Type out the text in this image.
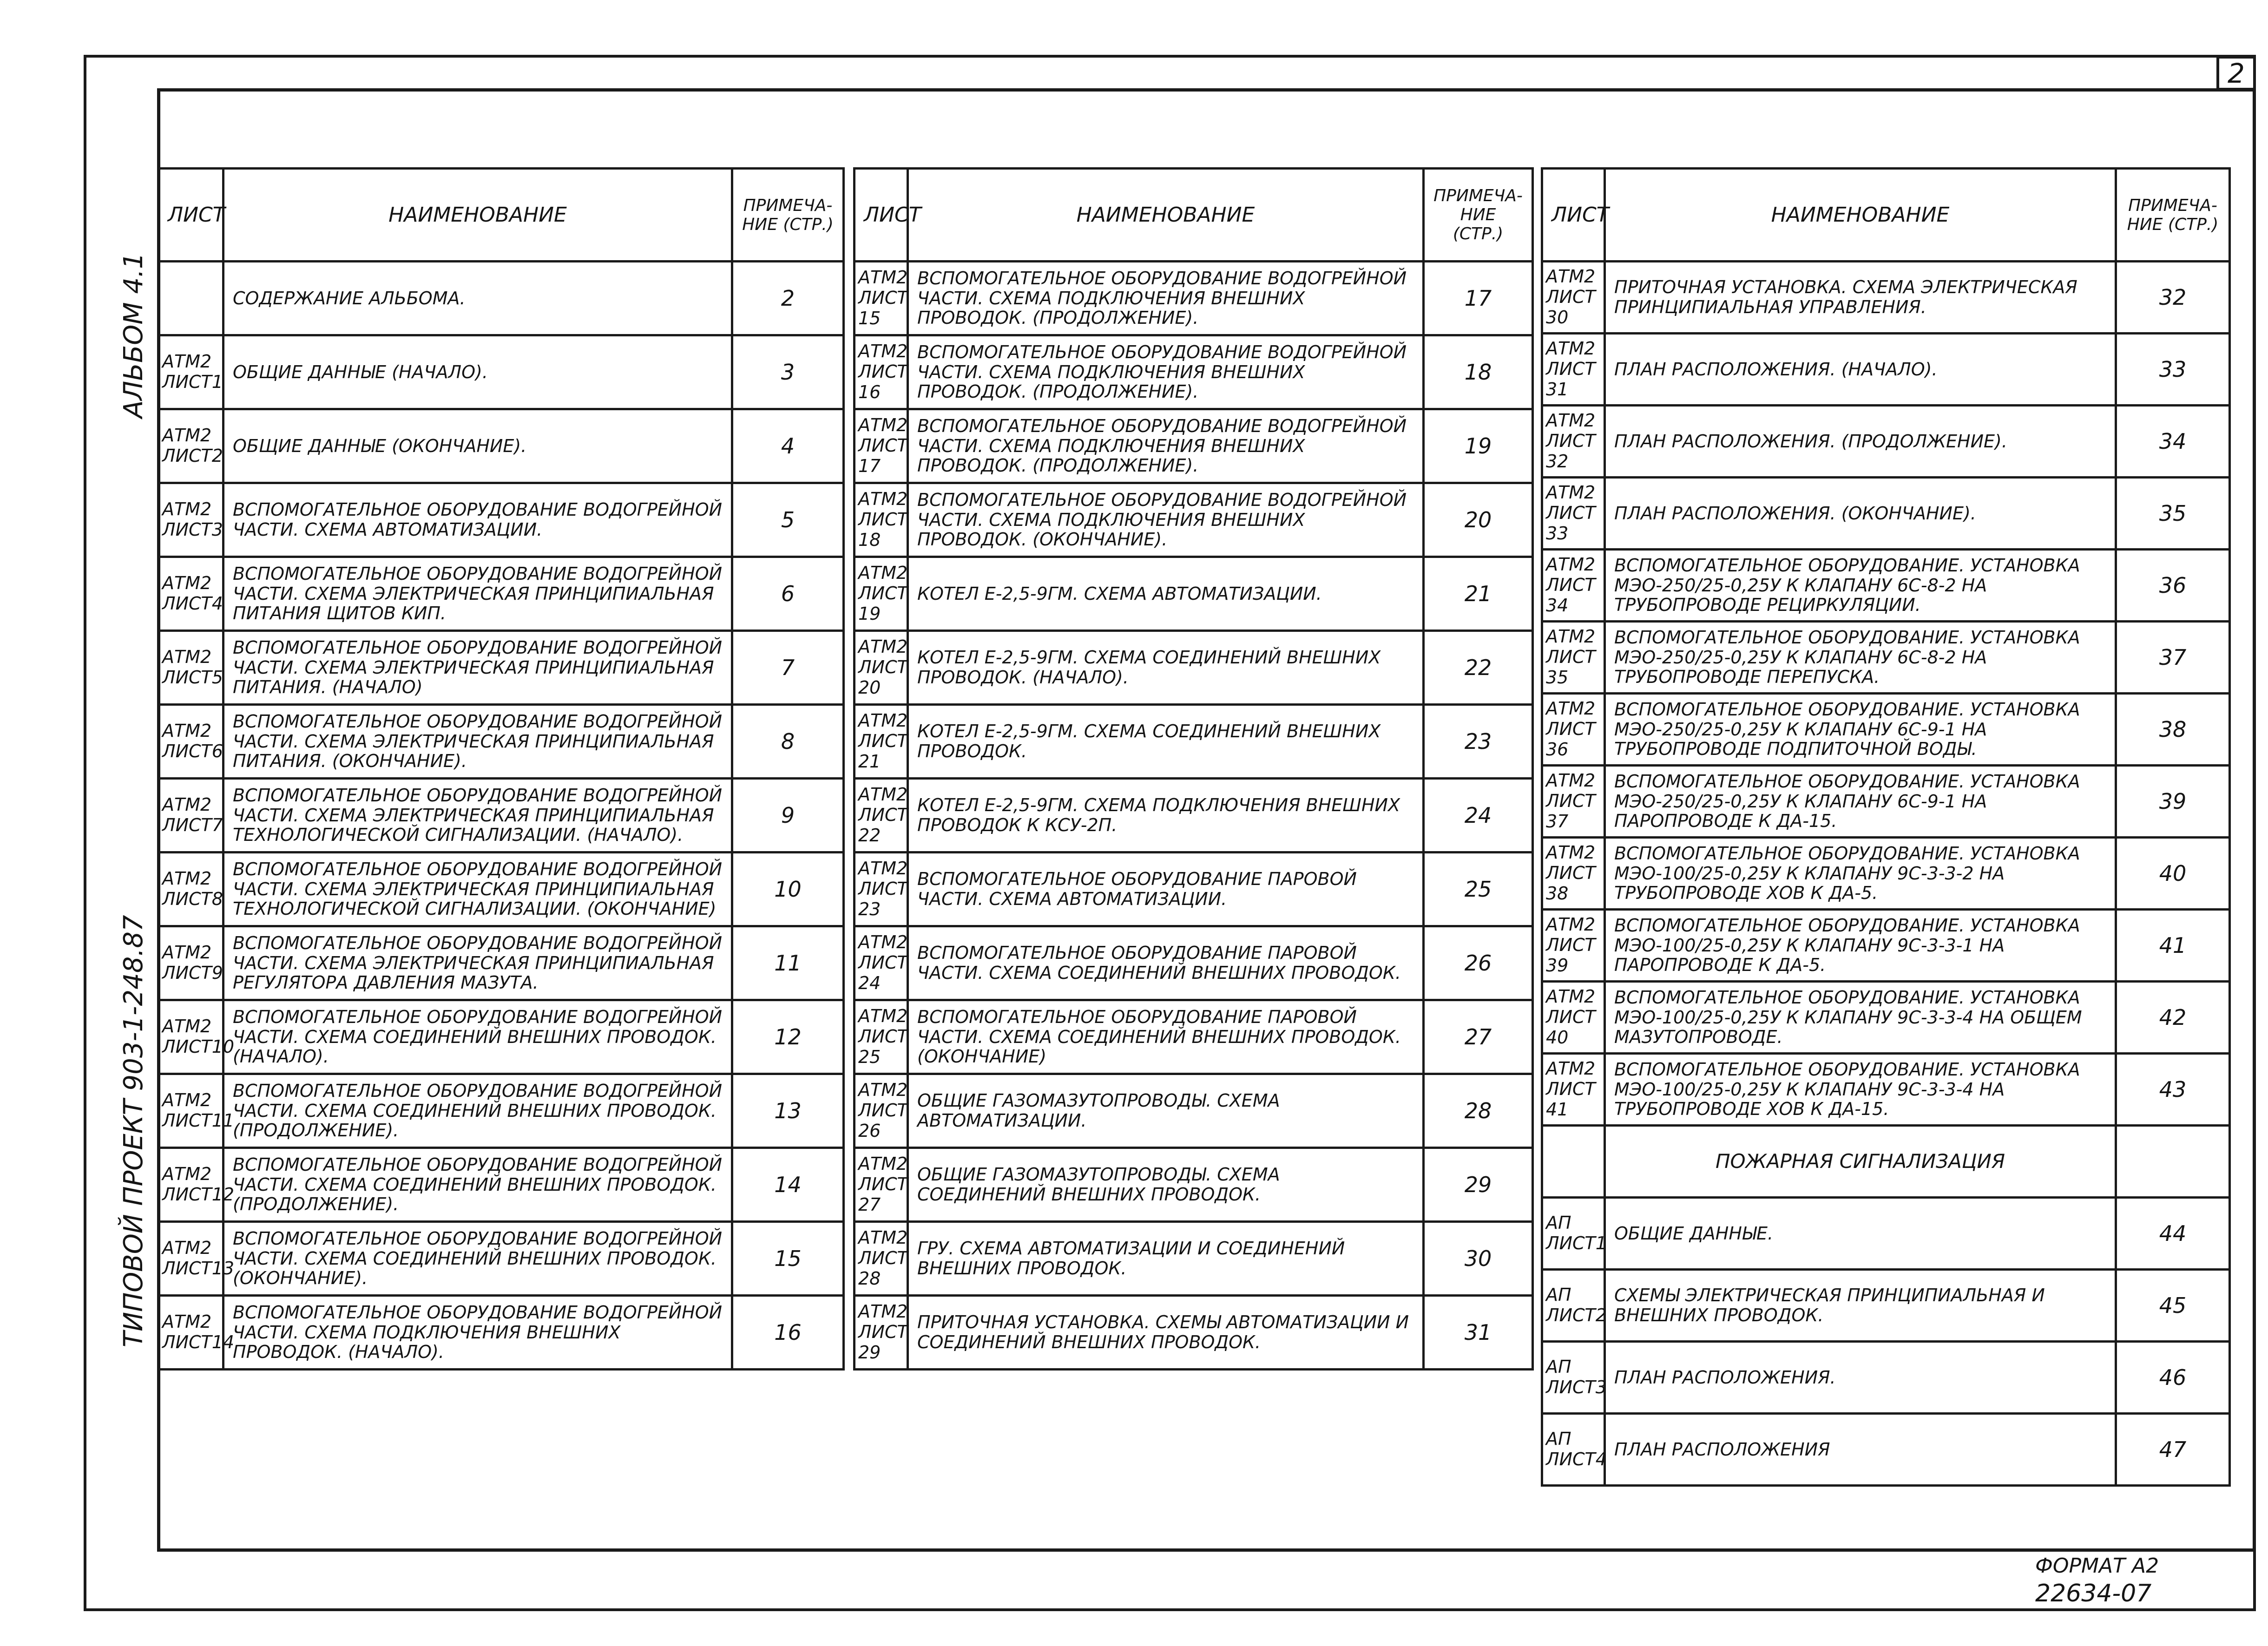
2
АЛЬБОМ 4.1
ТИПОВОЙ ПРОЕКТ 903-1-248.87
ЛИСТ	НАИМЕНОВАНИЕ	ПРИМЕЧА-НИЕ (СТР.)
	СОДЕРЖАНИЕ АЛЬБОМА.	2
АТМ2 ЛИСТ1	ОБЩИЕ ДАННЫЕ (НАЧАЛО).	3
АТМ2 ЛИСТ2	ОБЩИЕ ДАННЫЕ (ОКОНЧАНИЕ).	4
АТМ2 ЛИСТ3	ВСПОМОГАТЕЛЬНОЕ ОБОРУДОВАНИЕ ВОДОГРЕЙНОЙ ЧАСТИ. СХЕМА АВТОМАТИЗАЦИИ.	5
АТМ2 ЛИСТ4	ВСПОМОГАТЕЛЬНОЕ ОБОРУДОВАНИЕ ВОДОГРЕЙНОЙ ЧАСТИ. СХЕМА ЭЛЕКТРИЧЕСКАЯ ПРИНЦИПИАЛЬНАЯ ПИТАНИЯ ЩИТОВ КИП.	6
АТМ2 ЛИСТ5	ВСПОМОГАТЕЛЬНОЕ ОБОРУДОВАНИЕ ВОДОГРЕЙНОЙ ЧАСТИ. СХЕМА ЭЛЕКТРИЧЕСКАЯ ПРИНЦИПИАЛЬНАЯ ПИТАНИЯ. (НАЧАЛО)	7
АТМ2 ЛИСТ6	ВСПОМОГАТЕЛЬНОЕ ОБОРУДОВАНИЕ ВОДОГРЕЙНОЙ ЧАСТИ. СХЕМА ЭЛЕКТРИЧЕСКАЯ ПРИНЦИПИАЛЬНАЯ ПИТАНИЯ. (ОКОНЧАНИЕ).	8
АТМ2 ЛИСТ7	ВСПОМОГАТЕЛЬНОЕ ОБОРУДОВАНИЕ ВОДОГРЕЙНОЙ ЧАСТИ. СХЕМА ЭЛЕКТРИЧЕСКАЯ ПРИНЦИПИАЛЬНАЯ ТЕХНОЛОГИЧЕСКОЙ СИГНАЛИЗАЦИИ. (НАЧАЛО).	9
АТМ2 ЛИСТ8	ВСПОМОГАТЕЛЬНОЕ ОБОРУДОВАНИЕ ВОДОГРЕЙНОЙ ЧАСТИ. СХЕМА ЭЛЕКТРИЧЕСКАЯ ПРИНЦИПИАЛЬНАЯ ТЕХНОЛОГИЧЕСКОЙ СИГНАЛИЗАЦИИ. (ОКОНЧАНИЕ)	10
АТМ2 ЛИСТ9	ВСПОМОГАТЕЛЬНОЕ ОБОРУДОВАНИЕ ВОДОГРЕЙНОЙ ЧАСТИ. СХЕМА ЭЛЕКТРИЧЕСКАЯ ПРИНЦИПИАЛЬНАЯ РЕГУЛЯТОРА ДАВЛЕНИЯ МАЗУТА.	11
АТМ2 ЛИСТ10	ВСПОМОГАТЕЛЬНОЕ ОБОРУДОВАНИЕ ВОДОГРЕЙНОЙ ЧАСТИ. СХЕМА СОЕДИНЕНИЙ ВНЕШНИХ ПРОВОДОК. (НАЧАЛО).	12
АТМ2 ЛИСТ11	ВСПОМОГАТЕЛЬНОЕ ОБОРУДОВАНИЕ ВОДОГРЕЙНОЙ ЧАСТИ. СХЕМА СОЕДИНЕНИЙ ВНЕШНИХ ПРОВОДОК. (ПРОДОЛЖЕНИЕ).	13
АТМ2 ЛИСТ12	ВСПОМОГАТЕЛЬНОЕ ОБОРУДОВАНИЕ ВОДОГРЕЙНОЙ ЧАСТИ. СХЕМА СОЕДИНЕНИЙ ВНЕШНИХ ПРОВОДОК. (ПРОДОЛЖЕНИЕ).	14
АТМ2 ЛИСТ13	ВСПОМОГАТЕЛЬНОЕ ОБОРУДОВАНИЕ ВОДОГРЕЙНОЙ ЧАСТИ. СХЕМА СОЕДИНЕНИЙ ВНЕШНИХ ПРОВОДОК. (ОКОНЧАНИЕ).	15
АТМ2 ЛИСТ14	ВСПОМОГАТЕЛЬНОЕ ОБОРУДОВАНИЕ ВОДОГРЕЙНОЙ ЧАСТИ. СХЕМА ПОДКЛЮЧЕНИЯ ВНЕШНИХ ПРОВОДОК. (НАЧАЛО).	16
ЛИСТ	НАИМЕНОВАНИЕ	ПРИМЕЧА-НИЕ (СТР.)
АТМ2 ЛИСТ 15	ВСПОМОГАТЕЛЬНОЕ ОБОРУДОВАНИЕ ВОДОГРЕЙНОЙ ЧАСТИ. СХЕМА ПОДКЛЮЧЕНИЯ ВНЕШНИХ ПРОВОДОК. (ПРОДОЛЖЕНИЕ).	17
АТМ2 ЛИСТ 16	ВСПОМОГАТЕЛЬНОЕ ОБОРУДОВАНИЕ ВОДОГРЕЙНОЙ ЧАСТИ. СХЕМА ПОДКЛЮЧЕНИЯ ВНЕШНИХ ПРОВОДОК. (ПРОДОЛЖЕНИЕ).	18
АТМ2 ЛИСТ 17	ВСПОМОГАТЕЛЬНОЕ ОБОРУДОВАНИЕ ВОДОГРЕЙНОЙ ЧАСТИ. СХЕМА ПОДКЛЮЧЕНИЯ ВНЕШНИХ ПРОВОДОК. (ПРОДОЛЖЕНИЕ).	19
АТМ2 ЛИСТ 18	ВСПОМОГАТЕЛЬНОЕ ОБОРУДОВАНИЕ ВОДОГРЕЙНОЙ ЧАСТИ. СХЕМА ПОДКЛЮЧЕНИЯ ВНЕШНИХ ПРОВОДОК. (ОКОНЧАНИЕ).	20
АТМ2 ЛИСТ 19	КОТЕЛ Е-2,5-9ГМ. СХЕМА АВТОМАТИЗАЦИИ.	21
АТМ2 ЛИСТ 20	КОТЕЛ Е-2,5-9ГМ. СХЕМА СОЕДИНЕНИЙ ВНЕШНИХ ПРОВОДОК. (НАЧАЛО).	22
АТМ2 ЛИСТ 21	КОТЕЛ Е-2,5-9ГМ. СХЕМА СОЕДИНЕНИЙ ВНЕШНИХ ПРОВОДОК.	23
АТМ2 ЛИСТ 22	КОТЕЛ Е-2,5-9ГМ. СХЕМА ПОДКЛЮЧЕНИЯ ВНЕШНИХ ПРОВОДОК К КСУ-2П.	24
АТМ2 ЛИСТ 23	ВСПОМОГАТЕЛЬНОЕ ОБОРУДОВАНИЕ ПАРОВОЙ ЧАСТИ. СХЕМА АВТОМАТИЗАЦИИ.	25
АТМ2 ЛИСТ 24	ВСПОМОГАТЕЛЬНОЕ ОБОРУДОВАНИЕ ПАРОВОЙ ЧАСТИ. СХЕМА СОЕДИНЕНИЙ ВНЕШНИХ ПРОВОДОК.	26
АТМ2 ЛИСТ 25	ВСПОМОГАТЕЛЬНОЕ ОБОРУДОВАНИЕ ПАРОВОЙ ЧАСТИ. СХЕМА СОЕДИНЕНИЙ ВНЕШНИХ ПРОВОДОК. (ОКОНЧАНИЕ)	27
АТМ2 ЛИСТ 26	ОБЩИЕ ГАЗОМАЗУТОПРОВОДЫ. СХЕМА АВТОМАТИЗАЦИИ.	28
АТМ2 ЛИСТ 27	ОБЩИЕ ГАЗОМАЗУТОПРОВОДЫ. СХЕМА СОЕДИНЕНИЙ ВНЕШНИХ ПРОВОДОК.	29
АТМ2 ЛИСТ 28	ГРУ. СХЕМА АВТОМАТИЗАЦИИ И СОЕДИНЕНИЙ ВНЕШНИХ ПРОВОДОК.	30
АТМ2 ЛИСТ 29	ПРИТОЧНАЯ УСТАНОВКА. СХЕМЫ АВТОМАТИЗАЦИИ И СОЕДИНЕНИЙ ВНЕШНИХ ПРОВОДОК.	31
ЛИСТ	НАИМЕНОВАНИЕ	ПРИМЕЧА-НИЕ (СТР.)
АТМ2 ЛИСТ 30	ПРИТОЧНАЯ УСТАНОВКА. СХЕМА ЭЛЕКТРИЧЕСКАЯ ПРИНЦИПИАЛЬНАЯ УПРАВЛЕНИЯ.	32
АТМ2 ЛИСТ 31	ПЛАН РАСПОЛОЖЕНИЯ. (НАЧАЛО).	33
АТМ2 ЛИСТ 32	ПЛАН РАСПОЛОЖЕНИЯ. (ПРОДОЛЖЕНИЕ).	34
АТМ2 ЛИСТ 33	ПЛАН РАСПОЛОЖЕНИЯ. (ОКОНЧАНИЕ).	35
АТМ2 ЛИСТ 34	ВСПОМОГАТЕЛЬНОЕ ОБОРУДОВАНИЕ. УСТАНОВКА МЭО-250/25-0,25У К КЛАПАНУ 6С-8-2 НА ТРУБОПРОВОДЕ РЕЦИРКУЛЯЦИИ.	36
АТМ2 ЛИСТ 35	ВСПОМОГАТЕЛЬНОЕ ОБОРУДОВАНИЕ. УСТАНОВКА МЭО-250/25-0,25У К КЛАПАНУ 6С-8-2 НА ТРУБОПРОВОДЕ ПЕРЕПУСКА.	37
АТМ2 ЛИСТ 36	ВСПОМОГАТЕЛЬНОЕ ОБОРУДОВАНИЕ. УСТАНОВКА МЭО-250/25-0,25У К КЛАПАНУ 6С-9-1 НА ТРУБОПРОВОДЕ ПОДПИТОЧНОЙ ВОДЫ.	38
АТМ2 ЛИСТ 37	ВСПОМОГАТЕЛЬНОЕ ОБОРУДОВАНИЕ. УСТАНОВКА МЭО-250/25-0,25У К КЛАПАНУ 6С-9-1 НА ПАРОПРОВОДЕ К ДА-15.	39
АТМ2 ЛИСТ 38	ВСПОМОГАТЕЛЬНОЕ ОБОРУДОВАНИЕ. УСТАНОВКА МЭО-100/25-0,25У К КЛАПАНУ 9С-3-3-2 НА ТРУБОПРОВОДЕ ХОВ К ДА-5.	40
АТМ2 ЛИСТ 39	ВСПОМОГАТЕЛЬНОЕ ОБОРУДОВАНИЕ. УСТАНОВКА МЭО-100/25-0,25У К КЛАПАНУ 9С-3-3-1 НА ПАРОПРОВОДЕ К ДА-5.	41
АТМ2 ЛИСТ 40	ВСПОМОГАТЕЛЬНОЕ ОБОРУДОВАНИЕ. УСТАНОВКА МЭО-100/25-0,25У К КЛАПАНУ 9С-3-3-4 НА ОБЩЕМ МАЗУТОПРОВОДЕ.	42
АТМ2 ЛИСТ 41	ВСПОМОГАТЕЛЬНОЕ ОБОРУДОВАНИЕ. УСТАНОВКА МЭО-100/25-0,25У К КЛАПАНУ 9С-3-3-4 НА ТРУБОПРОВОДЕ ХОВ К ДА-15.	43
	ПОЖАРНАЯ СИГНАЛИЗАЦИЯ	
АП ЛИСТ1	ОБЩИЕ ДАННЫЕ.	44
АП ЛИСТ2	СХЕМЫ ЭЛЕКТРИЧЕСКАЯ ПРИНЦИПИАЛЬНАЯ И ВНЕШНИХ ПРОВОДОК.	45
АП ЛИСТ3	ПЛАН РАСПОЛОЖЕНИЯ.	46
АП ЛИСТ4	ПЛАН РАСПОЛОЖЕНИЯ	47
ФОРМАТ А2
22634-07
